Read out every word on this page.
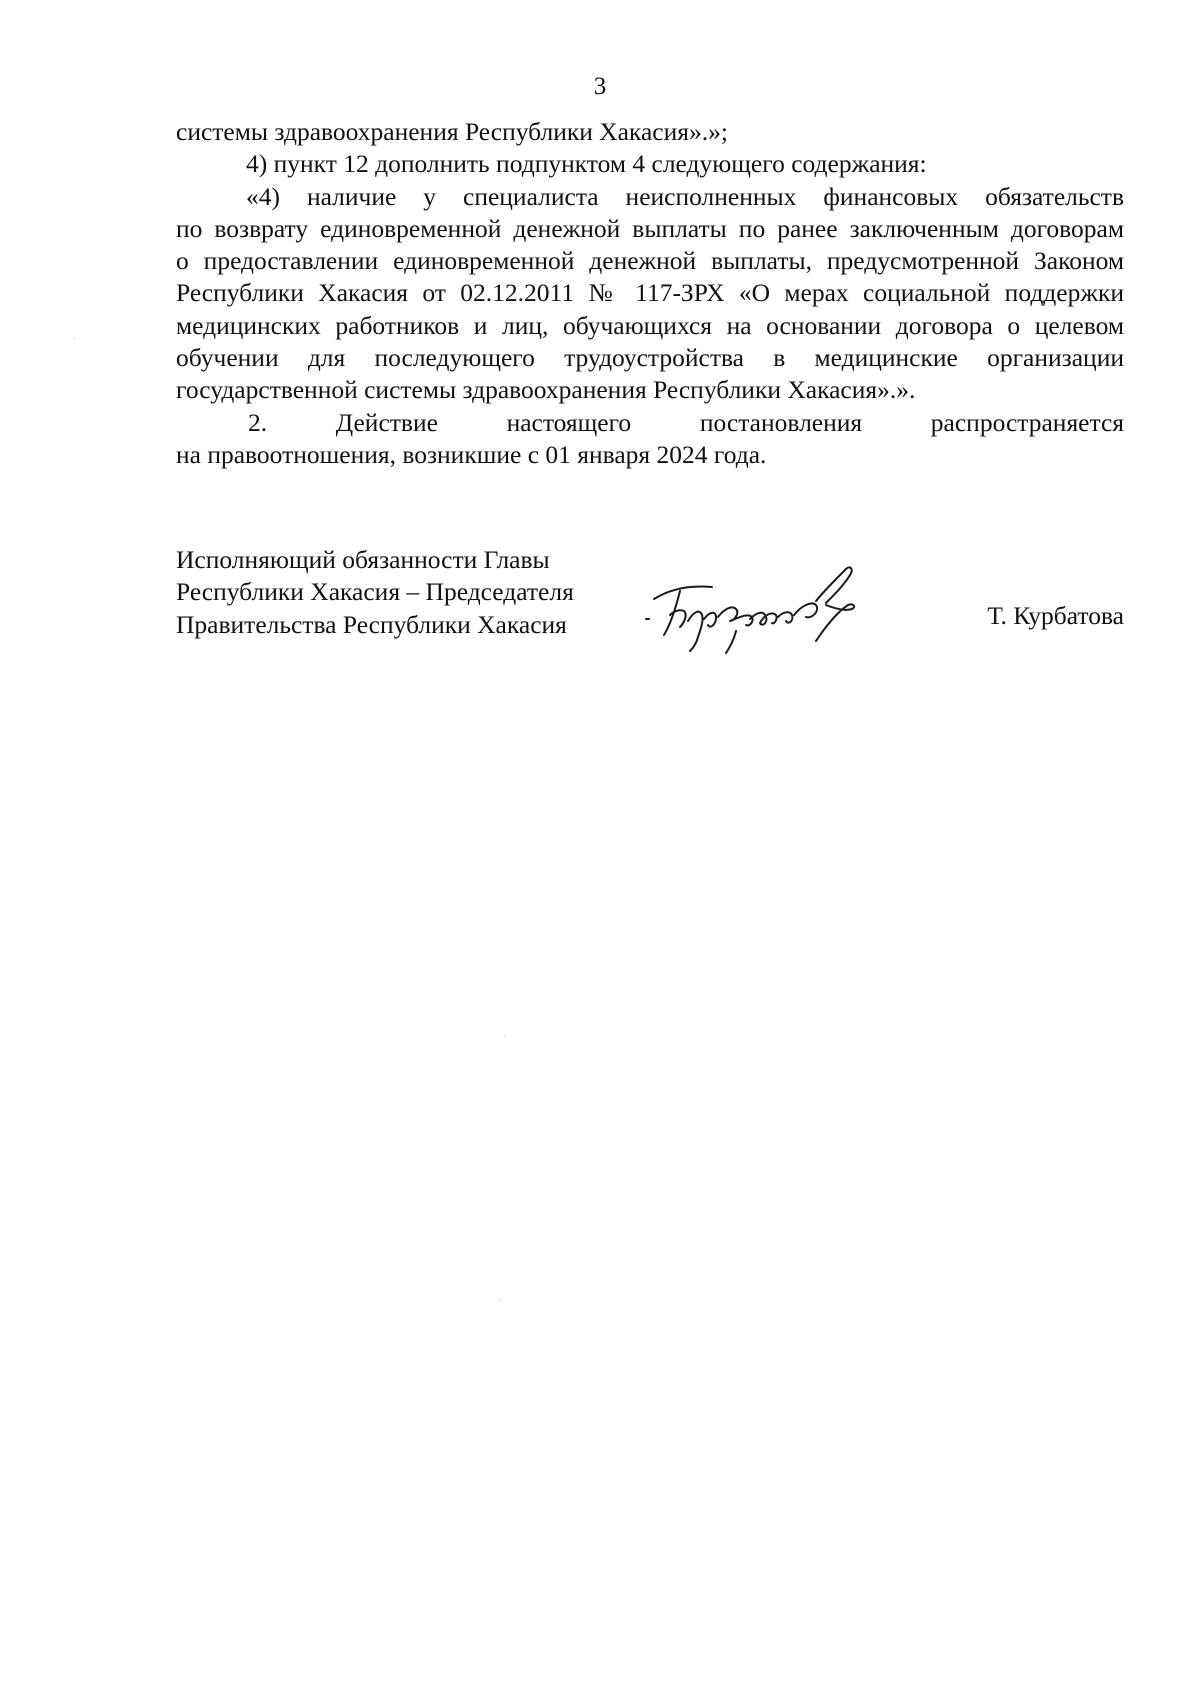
3
системы здравоохранения Республики Хакасия».»;
4) пункт 12 дополнить подпунктом 4 следующего содержания:
«4) наличие у специалиста неисполненных финансовых обязательств
по возврату единовременной денежной выплаты по ранее заключенным договорам
о предоставлении единовременной денежной выплаты, предусмотренной Законом
Республики Хакасия от 02.12.2011 № 117-ЗРХ «О мерах социальной поддержки
медицинских работников и лиц, обучающихся на основании договора о целевом
обучении для последующего трудоустройства в медицинские организации
государственной системы здравоохранения Республики Хакасия».».
2. Действие настоящего постановления распространяется
на правоотношения, возникшие с 01 января 2024 года.
Исполняющий обязанности Главы
Республики Хакасия – Председателя
Правительства Республики Хакасия	Т. Курбатова
